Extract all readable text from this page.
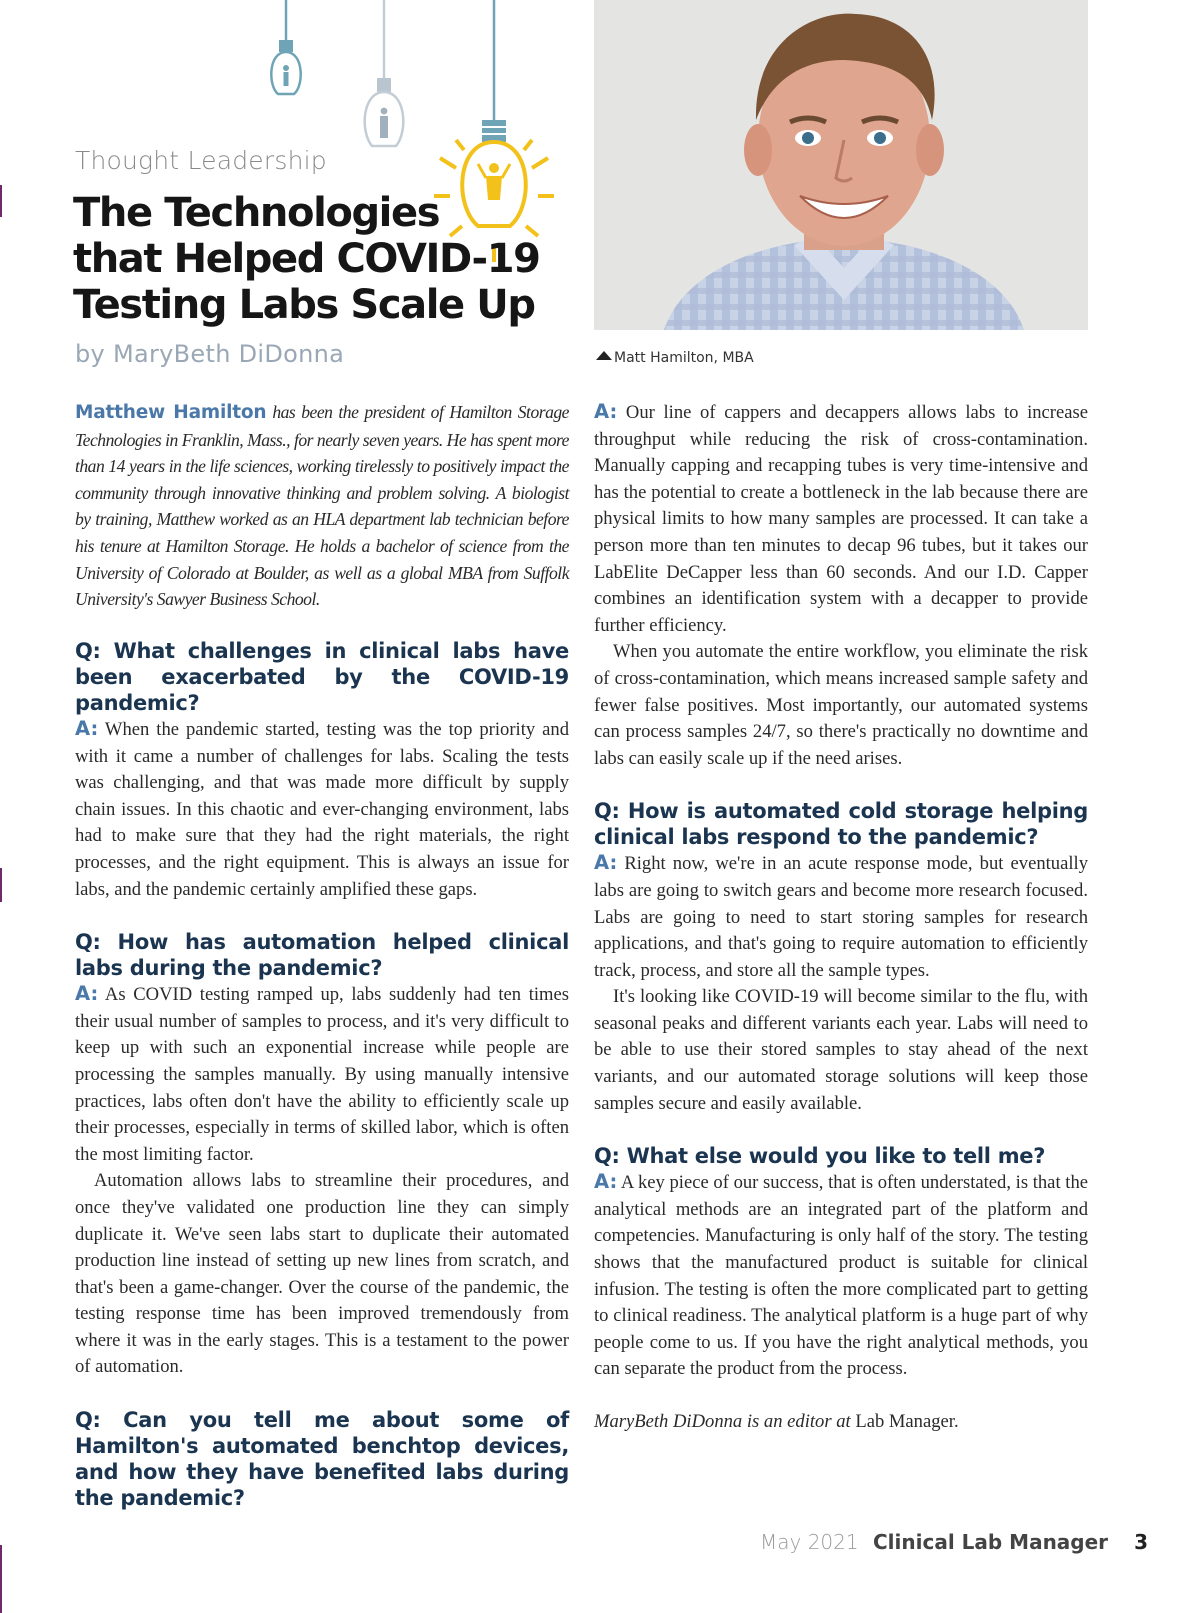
Thought Leadership
The Technologies
that Helped COVID-19
Testing Labs Scale Up
by MaryBeth DiDonna	Matt Hamilton, MBA
Matthew Hamilton has been the president of Hamilton Storage Technologies in Franklin, Mass., for nearly seven years. He has spent more than 14 years in the life sciences, working tirelessly to positively impact the community through innovative thinking and problem solving. A biologist by training, Matthew worked as an HLA department lab technician before his tenure at Hamilton Storage. He holds a bachelor of science from the University of Colorado at Boulder, as well as a global MBA from Suffolk University's Sawyer Business School.

Q: What challenges in clinical labs have been exacerbated by the COVID-19 pandemic?

A: When the pandemic started, testing was the top priority and with it came a number of challenges for labs. Scaling the tests was challenging, and that was made more difficult by supply chain issues. In this chaotic and ever-changing environment, labs had to make sure that they had the right materials, the right processes, and the right equipment. This is always an issue for labs, and the pandemic certainly amplified these gaps.

Q: How has automation helped clinical labs during the pandemic?

A: As COVID testing ramped up, labs suddenly had ten times their usual number of samples to process, and it's very difficult to keep up with such an exponential increase while people are processing the samples manually. By using manually intensive practices, labs often don't have the ability to efficiently scale up their processes, especially in terms of skilled labor, which is often the most limiting factor.

Automation allows labs to streamline their procedures, and once they've validated one production line they can simply duplicate it. We've seen labs start to duplicate their automated production line instead of setting up new lines from scratch, and that's been a game-changer. Over the course of the pandemic, the testing response time has been improved tremendously from where it was in the early stages. This is a testament to the power of automation.

Q: Can you tell me about some of Hamilton's automated benchtop devices, and how they have benefited labs during the pandemic?

A: Our line of cappers and decappers allows labs to increase throughput while reducing the risk of cross-contamination. Manually capping and recapping tubes is very time-intensive and has the potential to create a bottleneck in the lab because there are physical limits to how many samples are processed. It can take a person more than ten minutes to decap 96 tubes, but it takes our LabElite DeCapper less than 60 seconds. And our I.D. Capper combines an identification system with a decapper to provide further efficiency.

When you automate the entire workflow, you eliminate the risk of cross-contamination, which means increased sample safety and fewer false positives. Most importantly, our automated systems can process samples 24/7, so there's practically no downtime and labs can easily scale up if the need arises.

Q: How is automated cold storage helping clinical labs respond to the pandemic?

A: Right now, we're in an acute response mode, but eventually labs are going to switch gears and become more research focused. Labs are going to need to start storing samples for research applications, and that's going to require automation to efficiently track, process, and store all the sample types.

It's looking like COVID-19 will become similar to the flu, with seasonal peaks and different variants each year. Labs will need to be able to use their stored samples to stay ahead of the next variants, and our automated storage solutions will keep those samples secure and easily available.

Q: What else would you like to tell me?

A: A key piece of our success, that is often understated, is that the analytical methods are an integrated part of the platform and competencies. Manufacturing is only half of the story. The testing shows that the manufactured product is suitable for clinical infusion. The testing is often the more complicated part to getting to clinical readiness. The analytical platform is a huge part of why people come to us. If you have the right analytical methods, you can separate the product from the process.

MaryBeth DiDonna is an editor at Lab Manager.

May 2021 Clinical Lab Manager 3
